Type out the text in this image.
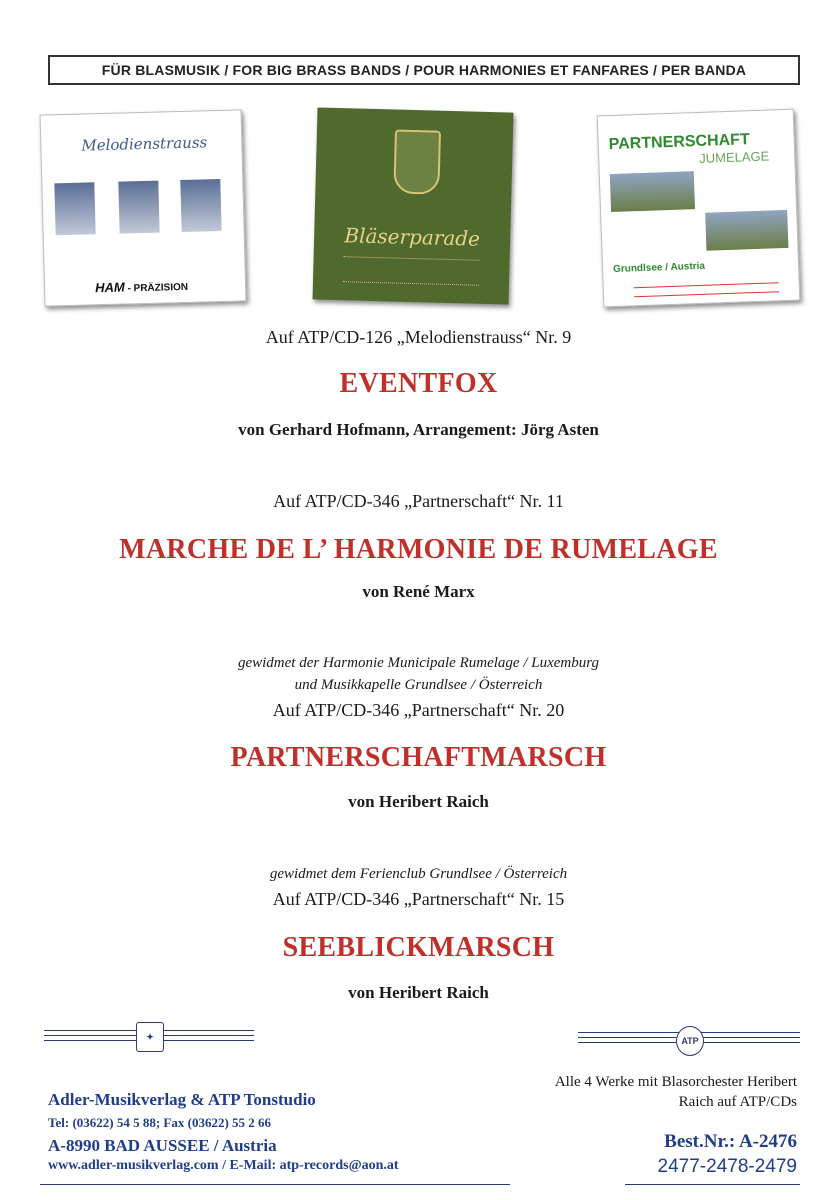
FÜR BLASMUSIK / FOR BIG BRASS BANDS / POUR HARMONIES ET FANFARES / PER BANDA
Melodienstrauss
HAM - PRÄZISION
Bläserparade
PARTNERSCHAFT
JUMELAGE
Grundlsee / Austria
Auf ATP/CD-126 „Melodienstrauss“ Nr. 9
EVENTFOX
von Gerhard Hofmann, Arrangement: Jörg Asten
Auf ATP/CD-346 „Partnerschaft“ Nr. 11
MARCHE DE L’ HARMONIE DE RUMELAGE
von René Marx
gewidmet der Harmonie Municipale Rumelage / Luxemburg
und Musikkapelle Grundlsee / Österreich
Auf ATP/CD-346 „Partnerschaft“ Nr. 20
PARTNERSCHAFTMARSCH
von Heribert Raich
gewidmet dem Ferienclub Grundlsee / Österreich
Auf ATP/CD-346 „Partnerschaft“ Nr. 15
SEEBLICKMARSCH
von Heribert Raich
✦	ATP
Adler-Musikverlag & ATP Tonstudio
Tel: (03622) 54 5 88; Fax (03622) 55 2 66
A-8990 BAD AUSSEE / Austria
www.adler-musikverlag.com / E-Mail: atp-records@aon.at
Alle 4 Werke mit Blasorchester Heribert
Raich auf ATP/CDs
Best.Nr.: A-2476
2477-2478-2479
